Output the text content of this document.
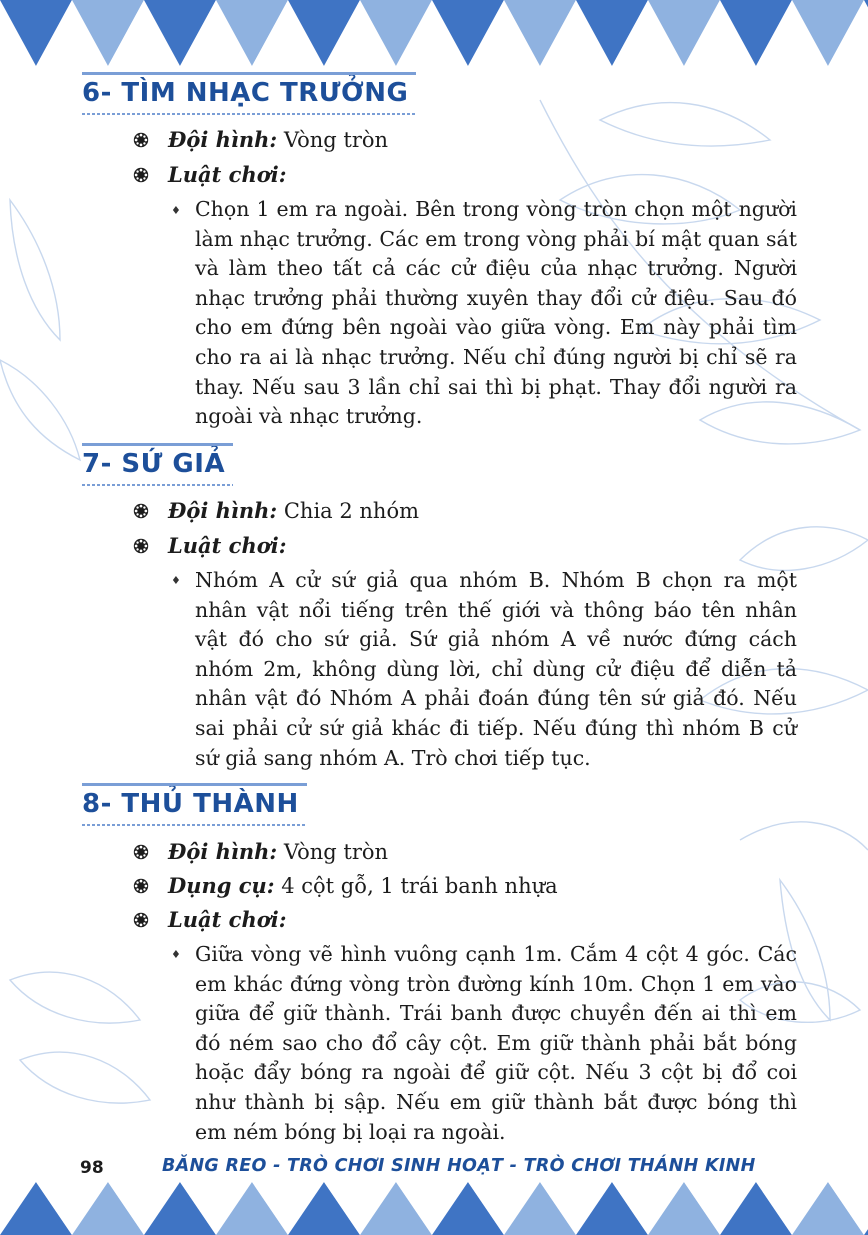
6- TÌM NHẠC TRƯỞNG
Đội hình: Vòng tròn
Luật chơi:
♦ Chọn 1 em ra ngoài. Bên trong vòng tròn chọn một người làm nhạc trưởng. Các em trong vòng phải bí mật quan sát và làm theo tất cả các cử điệu của nhạc trưởng. Người nhạc trưởng phải thường xuyên thay đổi cử điệu. Sau đó cho em đứng bên ngoài vào giữa vòng. Em này phải tìm cho ra ai là nhạc trưởng. Nếu chỉ đúng người bị chỉ sẽ ra thay. Nếu sau 3 lần chỉ sai thì bị phạt. Thay đổi người ra ngoài và nhạc trưởng.

7- SỨ GIẢ
Đội hình: Chia 2 nhóm
Luật chơi:
♦ Nhóm A cử sứ giả qua nhóm B. Nhóm B chọn ra một nhân vật nổi tiếng trên thế giới và thông báo tên nhân vật đó cho sứ giả. Sứ giả nhóm A về nước đứng cách nhóm 2m, không dùng lời, chỉ dùng cử điệu để diễn tả nhân vật đó Nhóm A phải đoán đúng tên sứ giả đó. Nếu sai phải cử sứ giả khác đi tiếp. Nếu đúng thì nhóm B cử sứ giả sang nhóm A. Trò chơi tiếp tục.

8- THỦ THÀNH
Đội hình: Vòng tròn
Dụng cụ: 4 cột gỗ, 1 trái banh nhựa
Luật chơi:
♦ Giữa vòng vẽ hình vuông cạnh 1m. Cắm 4 cột 4 góc. Các em khác đứng vòng tròn đường kính 10m. Chọn 1 em vào giữa để giữ thành. Trái banh được chuyền đến ai thì em đó ném sao cho đổ cây cột. Em giữ thành phải bắt bóng hoặc đẩy bóng ra ngoài để giữ cột. Nếu 3 cột bị đổ coi như thành bị sập. Nếu em giữ thành bắt được bóng thì em ném bóng bị loại ra ngoài.

98	BĂNG REO - TRÒ CHƠI SINH HOẠT - TRÒ CHƠI THÁNH KINH
